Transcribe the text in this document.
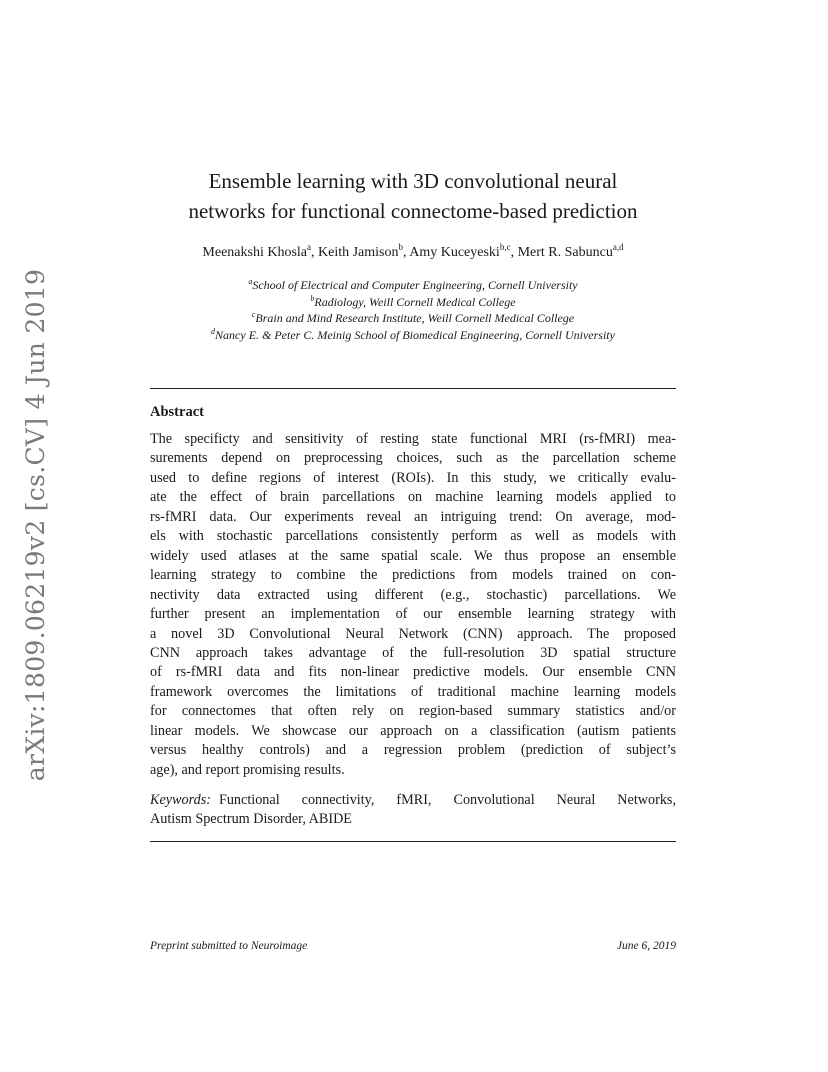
arXiv:1809.06219v2 [cs.CV] 4 Jun 2019
Ensemble learning with 3D convolutional neural
networks for functional connectome-based prediction
Meenakshi Khosla$^a$, Keith Jamison$^b$, Amy Kuceyeski$^{b,c}$, Mert R. Sabuncu$^{a,d}$
$^a$School of Electrical and Computer Engineering, Cornell University
$^b$Radiology, Weill Cornell Medical College
$^c$Brain and Mind Research Institute, Weill Cornell Medical College
$^d$Nancy E. & Peter C. Meinig School of Biomedical Engineering, Cornell University
Abstract
The specificty and sensitivity of resting state functional MRI (rs-fMRI) mea-
surements depend on preprocessing choices, such as the parcellation scheme
used to define regions of interest (ROIs). In this study, we critically evalu-
ate the effect of brain parcellations on machine learning models applied to
rs-fMRI data. Our experiments reveal an intriguing trend: On average, mod-
els with stochastic parcellations consistently perform as well as models with
widely used atlases at the same spatial scale. We thus propose an ensemble
learning strategy to combine the predictions from models trained on con-
nectivity data extracted using different (e.g., stochastic) parcellations. We
further present an implementation of our ensemble learning strategy with
a novel 3D Convolutional Neural Network (CNN) approach. The proposed
CNN approach takes advantage of the full-resolution 3D spatial structure
of rs-fMRI data and fits non-linear predictive models. Our ensemble CNN
framework overcomes the limitations of traditional machine learning models
for connectomes that often rely on region-based summary statistics and/or
linear models. We showcase our approach on a classification (autism patients
versus healthy controls) and a regression problem (prediction of subject’s
age), and report promising results.
Keywords: Functional connectivity, fMRI, Convolutional Neural Networks,
Autism Spectrum Disorder, ABIDE
Preprint submitted to Neuroimage	June 6, 2019
